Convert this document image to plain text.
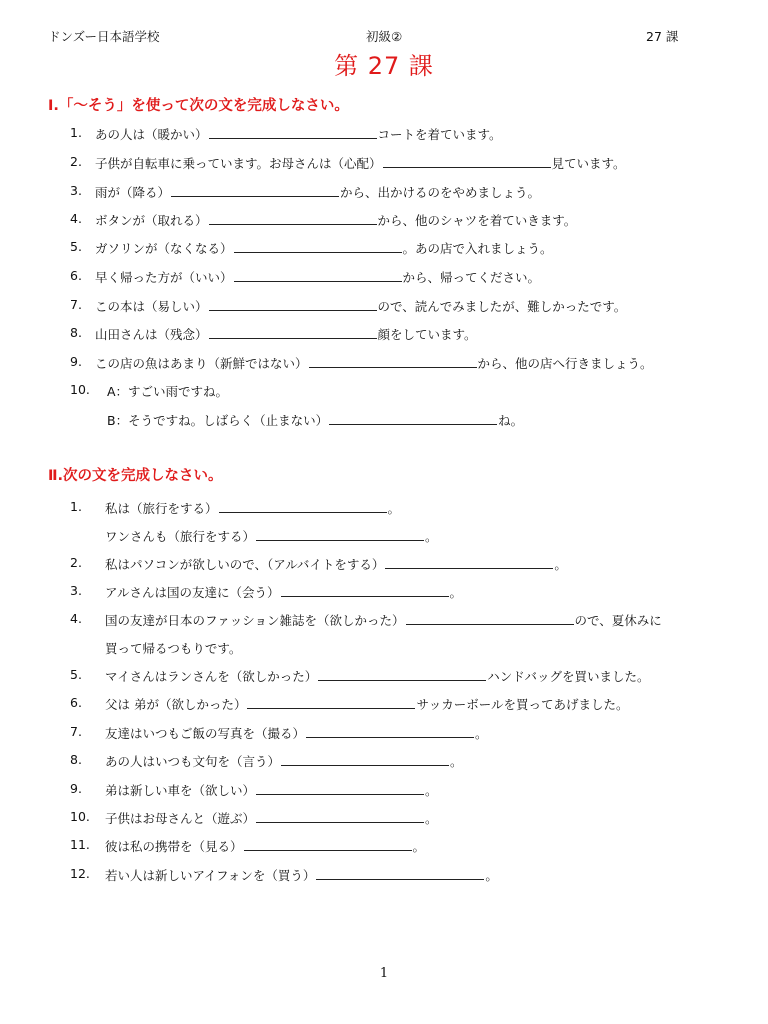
ドンズー日本語学校	初級②	27 課
第 27 課
Ⅰ.「～そう」を使って次の文を完成しなさい。
1. あの人は（暖かい）	コートを着ています。
2. 子供が自転車に乗っています。お母さんは（心配）	見ています。
3. 雨が（降る）	から、出かけるのをやめましょう。
4. ボタンが（取れる）	から、他のシャツを着ていきます。
5. ガソリンが（なくなる）	。あの店で入れましょう。
6. 早く帰った方が（いい）	から、帰ってください。
7. この本は（易しい）	ので、読んでみましたが、難しかったです。
8. 山田さんは（残念）	顔をしています。
9. この店の魚はあまり（新鮮ではない）	から、他の店へ行きましょう。
10. A：すごい雨ですね。
B：そうですね。しばらく（止まない）	ね。
Ⅱ.次の文を完成しなさい。
1. 私は（旅行をする）	。
ワンさんも（旅行をする）	。
2. 私はパソコンが欲しいので、（アルバイトをする）	。
3. アルさんは国の友達に（会う）	。
4. 国の友達が日本のファッション雑誌を（欲しかった）	ので、夏休みに
買って帰るつもりです。
5. マイさんはランさんを（欲しかった）	ハンドバッグを買いました。
6. 父は 弟が（欲しかった）	サッカーボールを買ってあげました。
7. 友達はいつもご飯の写真を（撮る）	。
8. あの人はいつも文句を（言う）	。
9. 弟は新しい車を（欲しい）	。
10. 子供はお母さんと（遊ぶ）	。
11. 彼は私の携帯を（見る）	。
12. 若い人は新しいアイフォンを（買う）	。
1
